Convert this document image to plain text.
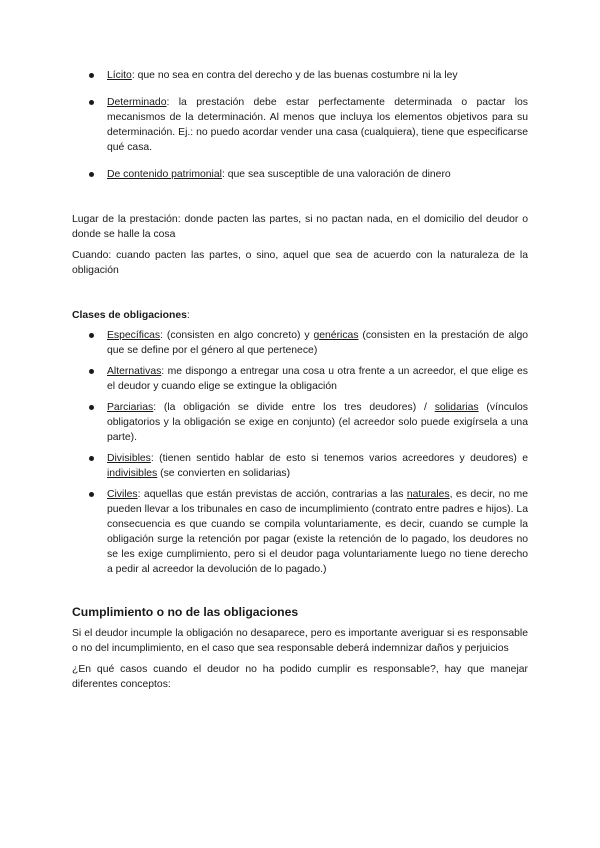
Lícito: que no sea en contra del derecho y de las buenas costumbre ni la ley
Determinado: la prestación debe estar perfectamente determinada o pactar los mecanismos de la determinación. Al menos que incluya los elementos objetivos para su determinación. Ej.: no puedo acordar vender una casa (cualquiera), tiene que especificarse qué casa.
De contenido patrimonial: que sea susceptible de una valoración de dinero

Lugar de la prestación: donde pacten las partes, si no pactan nada, en el domicilio del deudor o donde se halle la cosa

Cuando: cuando pacten las partes, o sino, aquel que sea de acuerdo con la naturaleza de la obligación

Clases de obligaciones:

Específicas: (consisten en algo concreto) y genéricas (consisten en la prestación de algo que se define por el género al que pertenece)
Alternativas: me dispongo a entregar una cosa u otra frente a un acreedor, el que elige es el deudor y cuando elige se extingue la obligación
Parciarias: (la obligación se divide entre los tres deudores) / solidarias (vínculos obligatorios y la obligación se exige en conjunto) (el acreedor solo puede exigírsela a una parte).
Divisibles: (tienen sentido hablar de esto si tenemos varios acreedores y deudores) e indivisibles (se convierten en solidarias)
Civiles: aquellas que están previstas de acción, contrarias a las naturales, es decir, no me pueden llevar a los tribunales en caso de incumplimiento (contrato entre padres e hijos). La consecuencia es que cuando se compila voluntariamente, es decir, cuando se cumple la obligación surge la retención por pagar (existe la retención de lo pagado, los deudores no se les exige cumplimiento, pero si el deudor paga voluntariamente luego no tiene derecho a pedir al acreedor la devolución de lo pagado.)

Cumplimiento o no de las obligaciones

Si el deudor incumple la obligación no desaparece, pero es importante averiguar si es responsable o no del incumplimiento, en el caso que sea responsable deberá indemnizar daños y perjuicios

¿En qué casos cuando el deudor no ha podido cumplir es responsable?, hay que manejar diferentes conceptos:
